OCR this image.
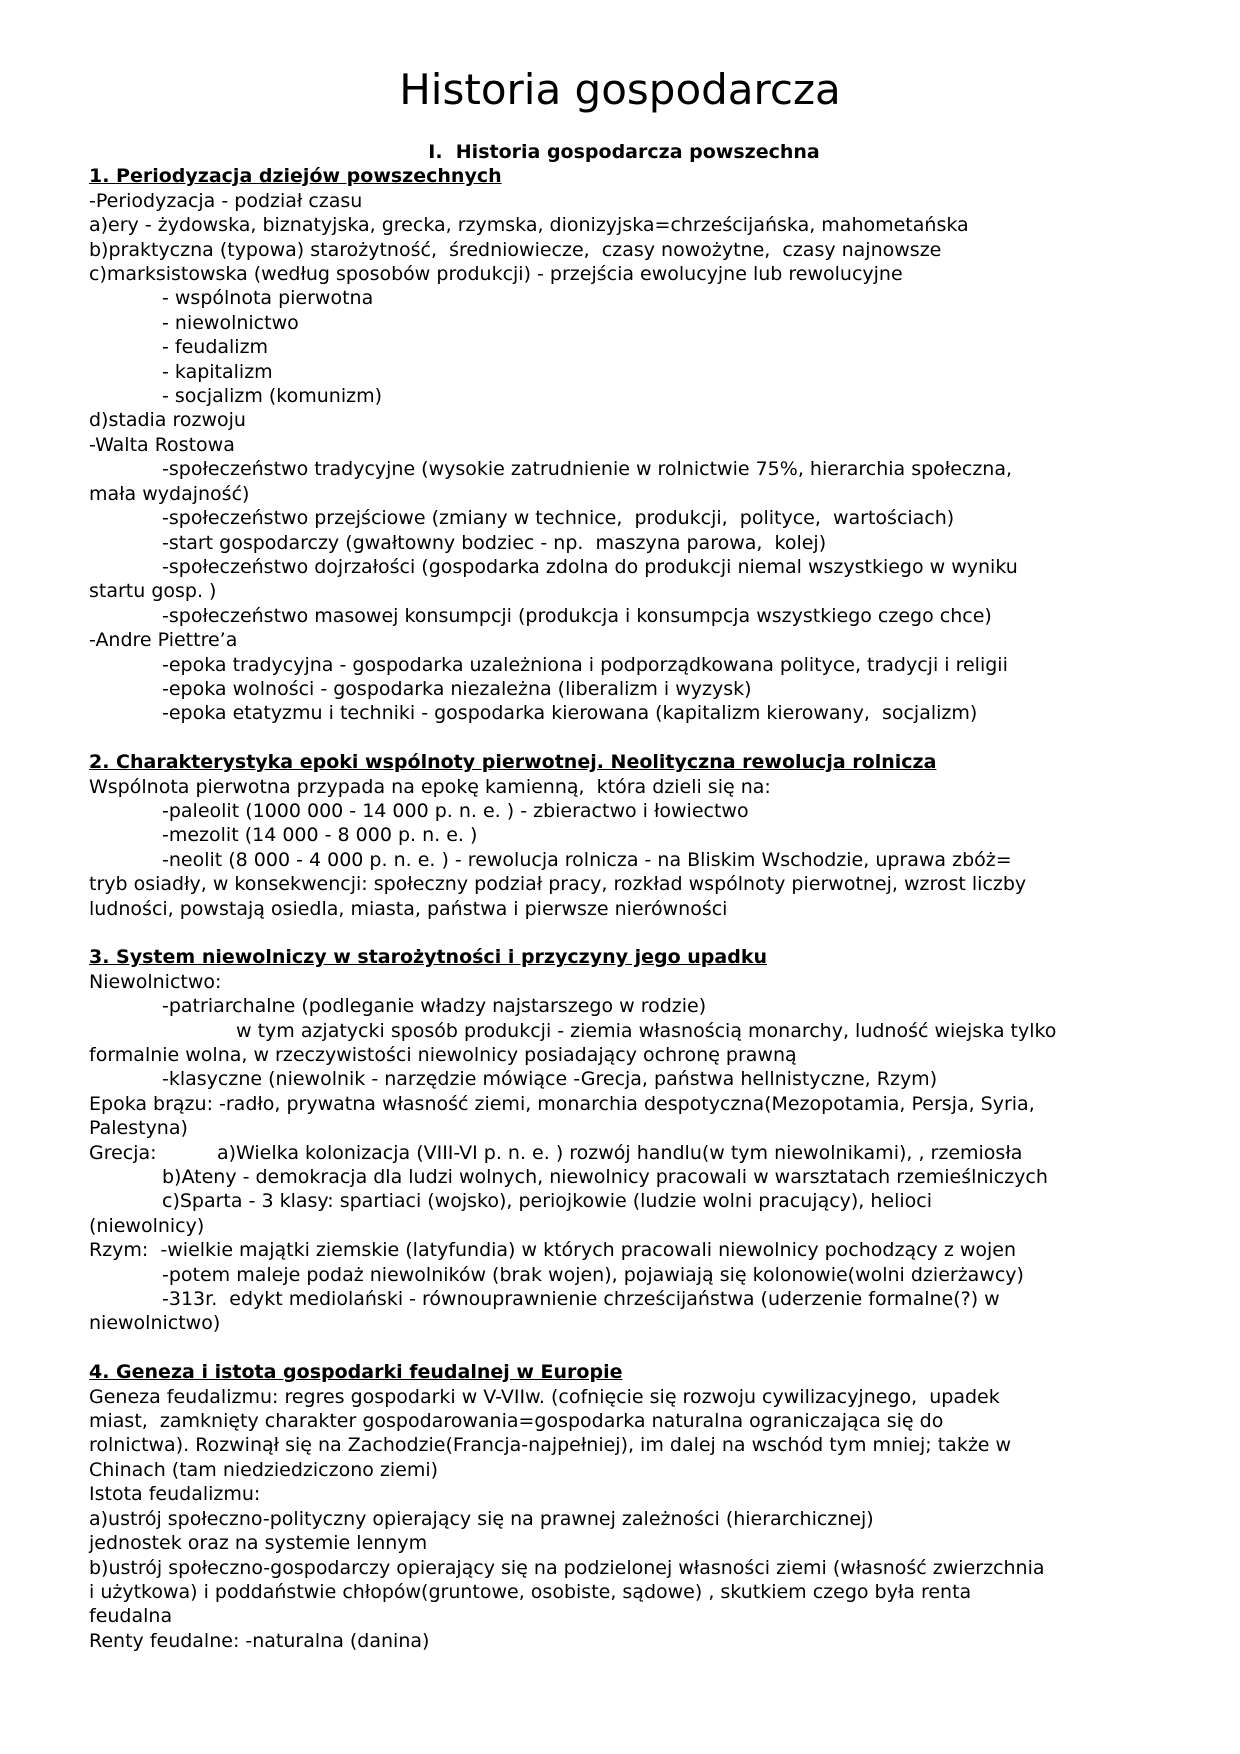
Historia gospodarcza
I.  Historia gospodarcza powszechna
1. Periodyzacja dziejów powszechnych
-Periodyzacja - podział czasu
a)ery - żydowska, biznatyjska, grecka, rzymska, dionizyjska=chrześcijańska, mahometańska
b)praktyczna (typowa) starożytność,  średniowiecze,  czasy nowożytne,  czasy najnowsze
c)marksistowska (według sposobów produkcji) - przejścia ewolucyjne lub rewolucyjne
- wspólnota pierwotna
- niewolnictwo
- feudalizm
- kapitalizm
- socjalizm (komunizm)
d)stadia rozwoju
-Walta Rostowa
-społeczeństwo tradycyjne (wysokie zatrudnienie w rolnictwie 75%, hierarchia społeczna,
mała wydajność)
-społeczeństwo przejściowe (zmiany w technice,  produkcji,  polityce,  wartościach)
-start gospodarczy (gwałtowny bodziec - np.  maszyna parowa,  kolej)
-społeczeństwo dojrzałości (gospodarka zdolna do produkcji niemal wszystkiego w wyniku
startu gosp. )
-społeczeństwo masowej konsumpcji (produkcja i konsumpcja wszystkiego czego chce)
-Andre Piettre’a
-epoka tradycyjna - gospodarka uzależniona i podporządkowana polityce, tradycji i religii
-epoka wolności - gospodarka niezależna (liberalizm i wyzysk)
-epoka etatyzmu i techniki - gospodarka kierowana (kapitalizm kierowany,  socjalizm)
2. Charakterystyka epoki wspólnoty pierwotnej. Neolityczna rewolucja rolnicza
Wspólnota pierwotna przypada na epokę kamienną,  która dzieli się na:
-paleolit (1000 000 - 14 000 p. n. e. ) - zbieractwo i łowiectwo
-mezolit (14 000 - 8 000 p. n. e. )
-neolit (8 000 - 4 000 p. n. e. ) - rewolucja rolnicza - na Bliskim Wschodzie, uprawa zbóż=
tryb osiadły, w konsekwencji: społeczny podział pracy, rozkład wspólnoty pierwotnej, wzrost liczby
ludności, powstają osiedla, miasta, państwa i pierwsze nierówności
3. System niewolniczy w starożytności i przyczyny jego upadku
Niewolnictwo:
-patriarchalne (podleganie władzy najstarszego w rodzie)
w tym azjatycki sposób produkcji - ziemia własnością monarchy, ludność wiejska tylko
formalnie wolna, w rzeczywistości niewolnicy posiadający ochronę prawną
-klasyczne (niewolnik - narzędzie mówiące -Grecja, państwa hellnistyczne, Rzym)
Epoka brązu: -radło, prywatna własność ziemi, monarchia despotyczna(Mezopotamia, Persja, Syria,
Palestyna)
Grecja:          a)Wielka kolonizacja (VIII-VI p. n. e. ) rozwój handlu(w tym niewolnikami), , rzemiosła
b)Ateny - demokracja dla ludzi wolnych, niewolnicy pracowali w warsztatach rzemieślniczych
c)Sparta - 3 klasy: spartiaci (wojsko), periojkowie (ludzie wolni pracujący), helioci
(niewolnicy)
Rzym:  -wielkie majątki ziemskie (latyfundia) w których pracowali niewolnicy pochodzący z wojen
-potem maleje podaż niewolników (brak wojen), pojawiają się kolonowie(wolni dzierżawcy)
-313r.  edykt mediolański - równouprawnienie chrześcijaństwa (uderzenie formalne(?) w
niewolnictwo)
4. Geneza i istota gospodarki feudalnej w Europie
Geneza feudalizmu: regres gospodarki w V-VIIw. (cofnięcie się rozwoju cywilizacyjnego,  upadek
miast,  zamknięty charakter gospodarowania=gospodarka naturalna ograniczająca się do
rolnictwa). Rozwinął się na Zachodzie(Francja-najpełniej), im dalej na wschód tym mniej; także w
Chinach (tam niedziedziczono ziemi)
Istota feudalizmu:
a)ustrój społeczno-polityczny opierający się na prawnej zależności (hierarchicznej)
jednostek oraz na systemie lennym
b)ustrój społeczno-gospodarczy opierający się na podzielonej własności ziemi (własność zwierzchnia
i użytkowa) i poddaństwie chłopów(gruntowe, osobiste, sądowe) , skutkiem czego była renta
feudalna
Renty feudalne: -naturalna (danina)
